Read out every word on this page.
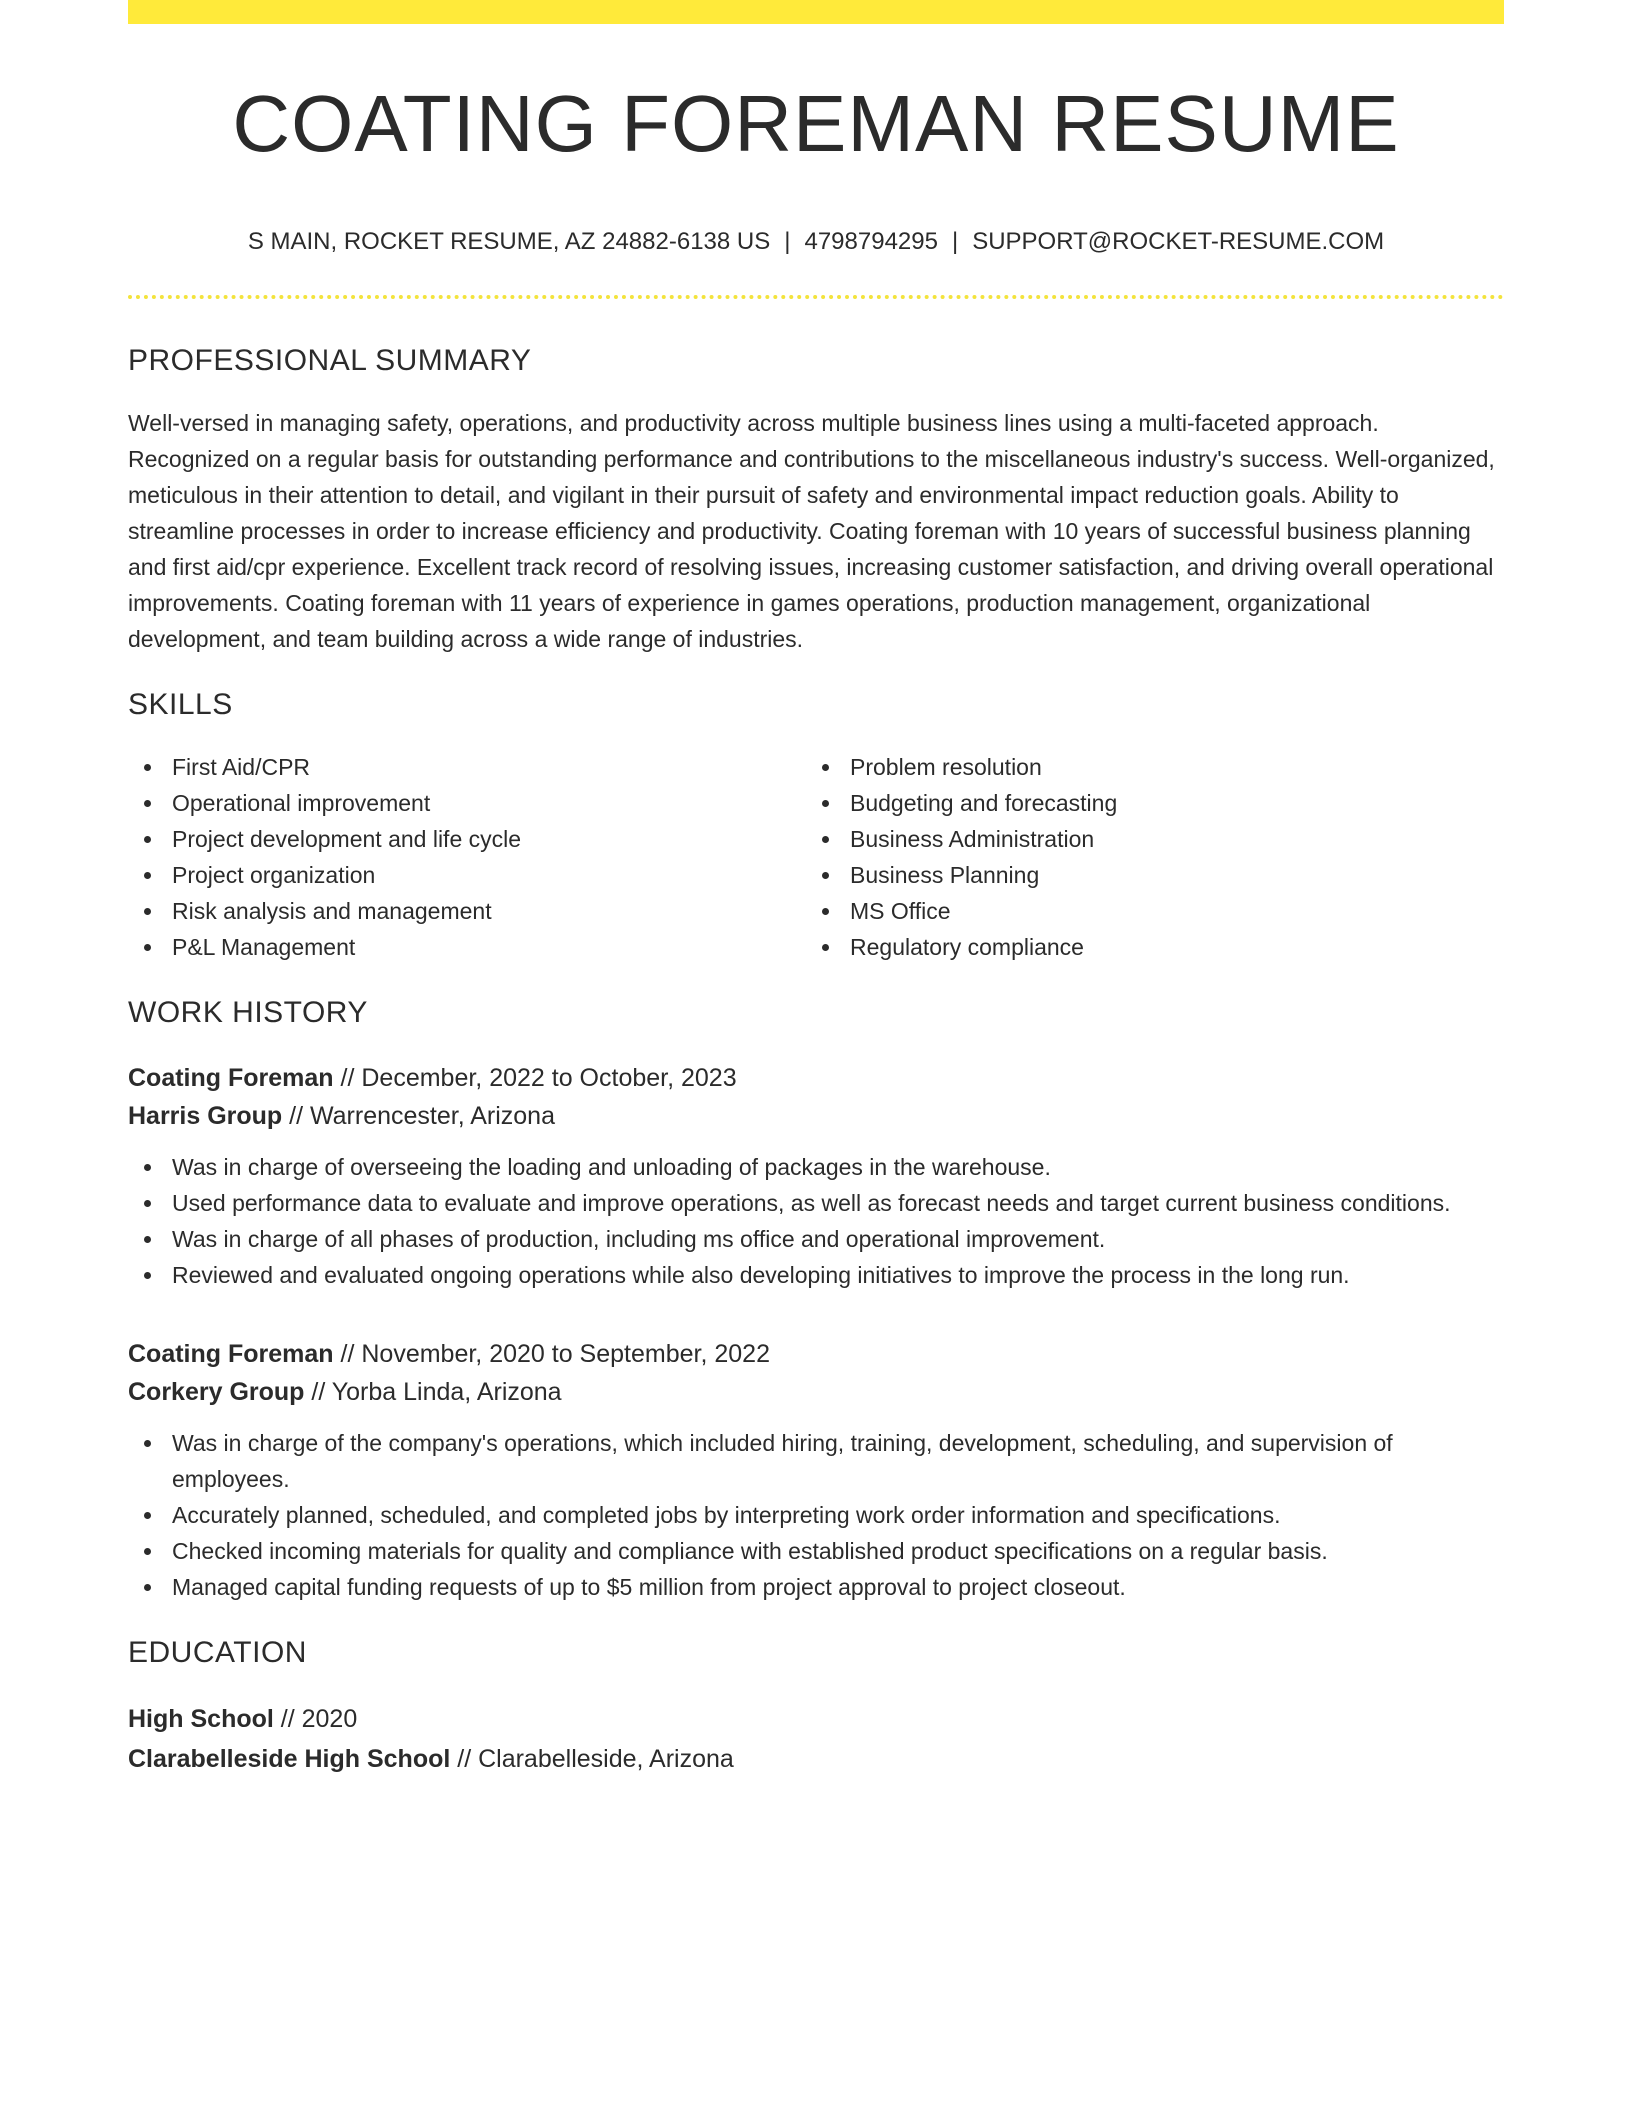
COATING FOREMAN RESUME
S MAIN, ROCKET RESUME, AZ 24882-6138 US | 4798794295 | SUPPORT@ROCKET-RESUME.COM
PROFESSIONAL SUMMARY

Well-versed in managing safety, operations, and productivity across multiple business lines using a multi-faceted approach. Recognized on a regular basis for outstanding performance and contributions to the miscellaneous industry's success. Well-organized, meticulous in their attention to detail, and vigilant in their pursuit of safety and environmental impact reduction goals. Ability to streamline processes in order to increase efficiency and productivity. Coating foreman with 10 years of successful business planning and first aid/cpr experience. Excellent track record of resolving issues, increasing customer satisfaction, and driving overall operational improvements. Coating foreman with 11 years of experience in games operations, production management, organizational development, and team building across a wide range of industries.

SKILLS
First Aid/CPR
Operational improvement
Project development and life cycle
Project organization
Risk analysis and management
P&L Management
Problem resolution
Budgeting and forecasting
Business Administration
Business Planning
MS Office
Regulatory compliance
WORK HISTORY
Coating Foreman // December, 2022 to October, 2023
Harris Group // Warrencester, Arizona
Was in charge of overseeing the loading and unloading of packages in the warehouse.
Used performance data to evaluate and improve operations, as well as forecast needs and target current business conditions.
Was in charge of all phases of production, including ms office and operational improvement.
Reviewed and evaluated ongoing operations while also developing initiatives to improve the process in the long run.
Coating Foreman // November, 2020 to September, 2022
Corkery Group // Yorba Linda, Arizona
Was in charge of the company's operations, which included hiring, training, development, scheduling, and supervision of employees.
Accurately planned, scheduled, and completed jobs by interpreting work order information and specifications.
Checked incoming materials for quality and compliance with established product specifications on a regular basis.
Managed capital funding requests of up to $5 million from project approval to project closeout.
EDUCATION
High School // 2020
Clarabelleside High School // Clarabelleside, Arizona
